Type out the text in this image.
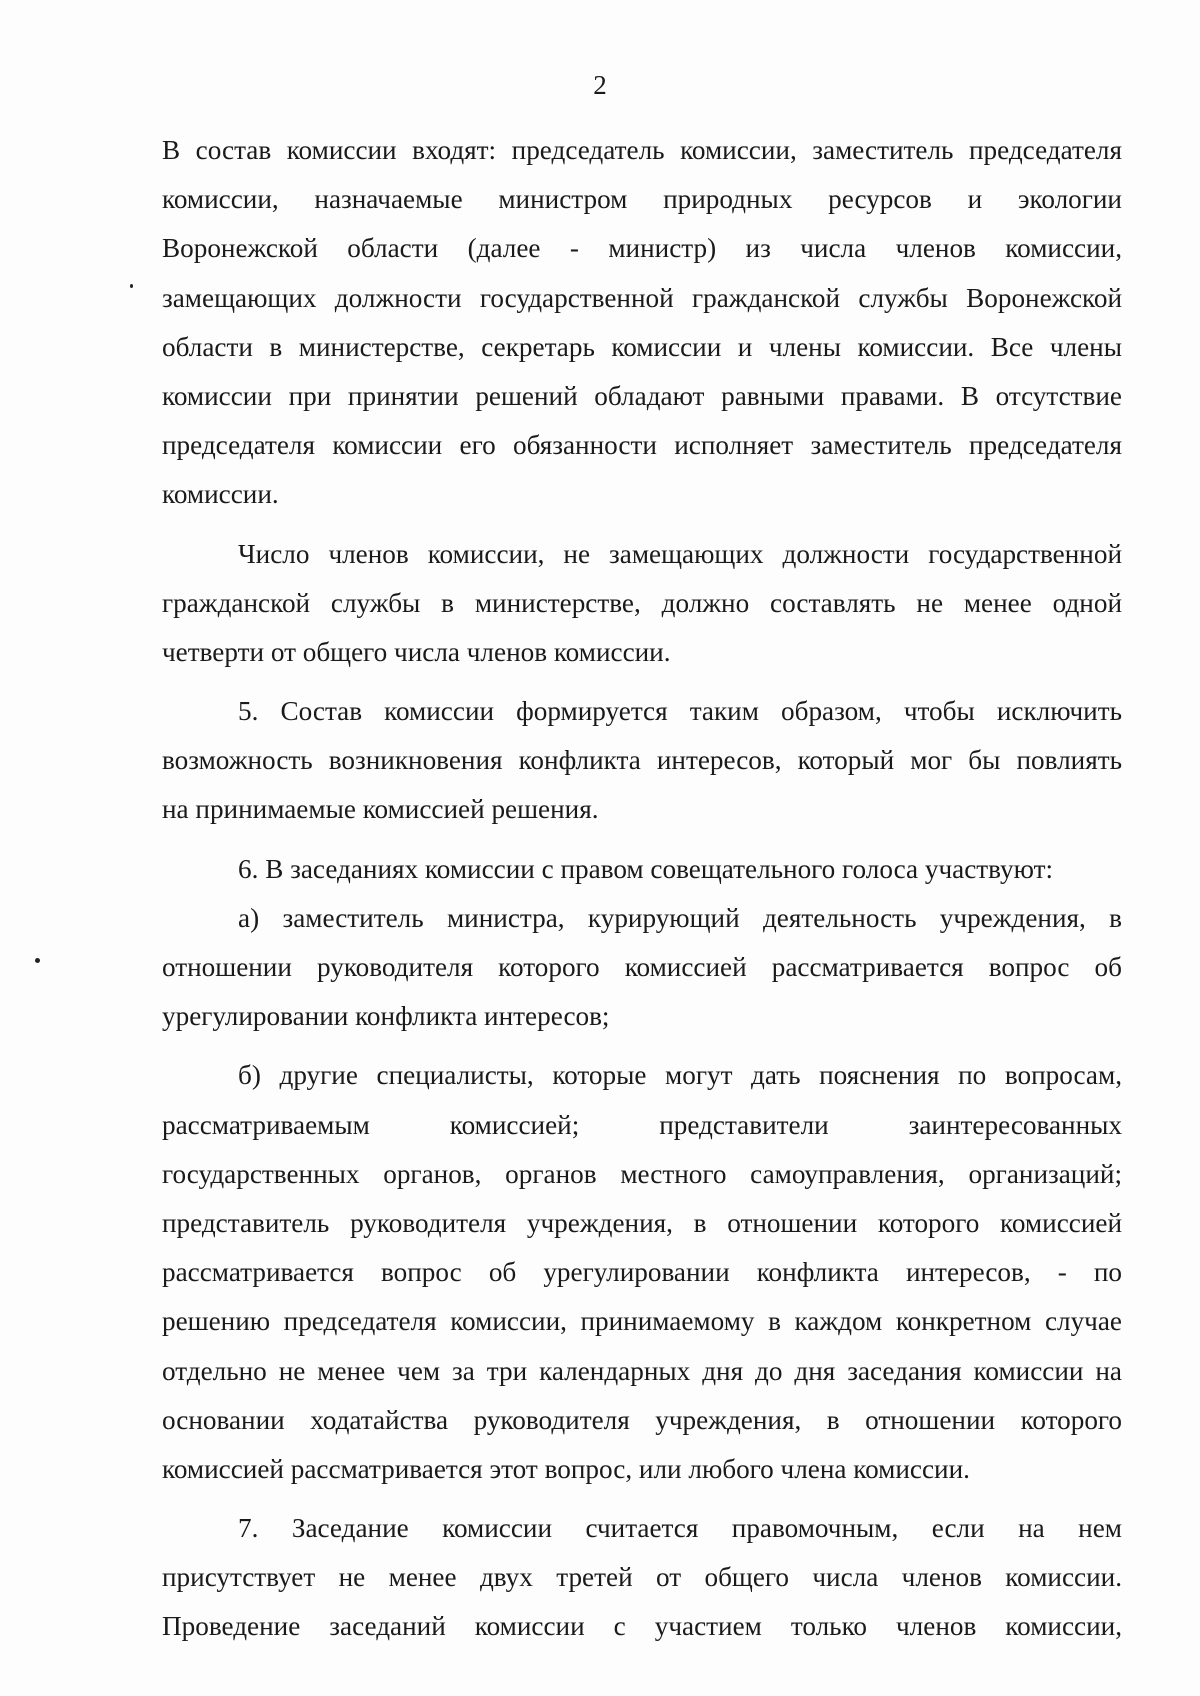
2
В состав комиссии входят: председатель комиссии, заместитель председателя
комиссии, назначаемые министром природных ресурсов и экологии
Воронежской области (далее - министр) из числа членов комиссии,
замещающих должности государственной гражданской службы Воронежской
области в министерстве, секретарь комиссии и члены комиссии. Все члены
комиссии при принятии решений обладают равными правами. В отсутствие
председателя комиссии его обязанности исполняет заместитель председателя
комиссии.
Число членов комиссии, не замещающих должности государственной
гражданской службы в министерстве, должно составлять не менее одной
четверти от общего числа членов комиссии.
5. Состав комиссии формируется таким образом, чтобы исключить
возможность возникновения конфликта интересов, который мог бы повлиять
на принимаемые комиссией решения.
6. В заседаниях комиссии с правом совещательного голоса участвуют:
а) заместитель министра, курирующий деятельность учреждения, в
отношении руководителя которого комиссией рассматривается вопрос об
урегулировании конфликта интересов;
б) другие специалисты, которые могут дать пояснения по вопросам,
рассматриваемым комиссией; представители заинтересованных
государственных органов, органов местного самоуправления, организаций;
представитель руководителя учреждения, в отношении которого комиссией
рассматривается вопрос об урегулировании конфликта интересов, - по
решению председателя комиссии, принимаемому в каждом конкретном случае
отдельно не менее чем за три календарных дня до дня заседания комиссии на
основании ходатайства руководителя учреждения, в отношении которого
комиссией рассматривается этот вопрос, или любого члена комиссии.
7. Заседание комиссии считается правомочным, если на нем
присутствует не менее двух третей от общего числа членов комиссии.
Проведение заседаний комиссии с участием только членов комиссии,
